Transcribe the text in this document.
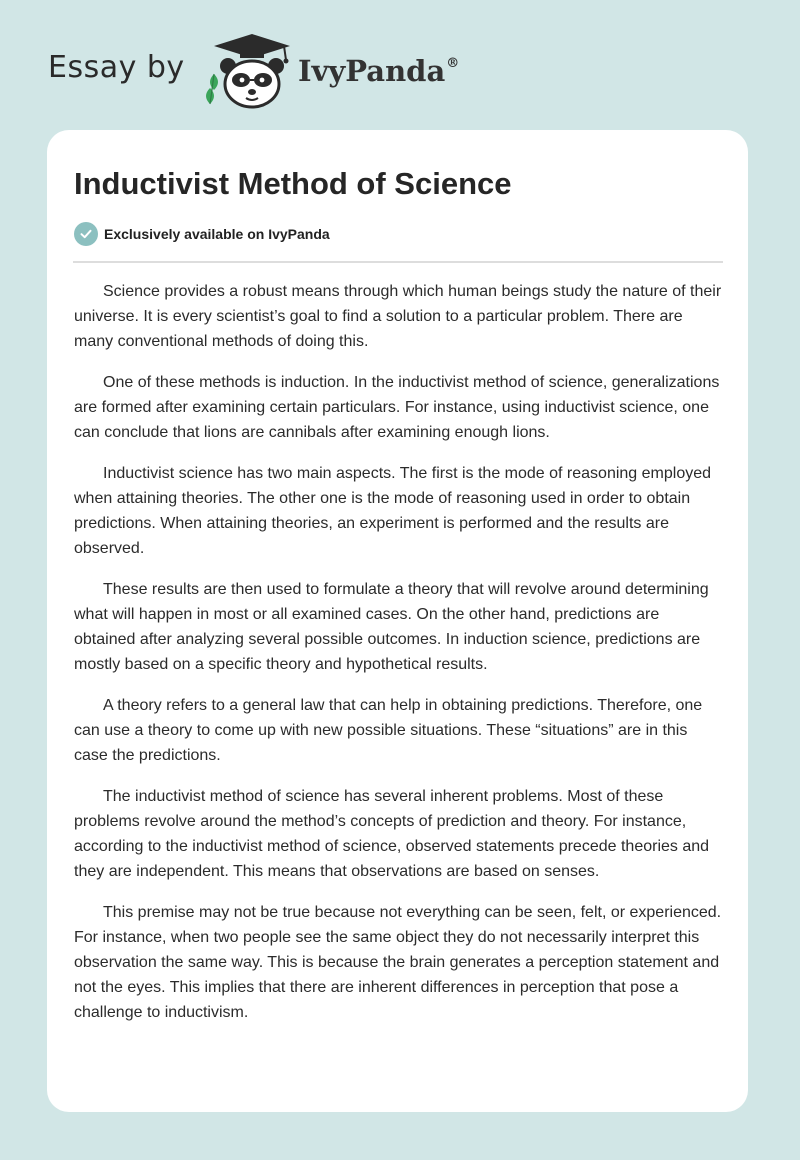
Essay by	IvyPanda®
Inductivist Method of Science
Exclusively available on IvyPanda

Science provides a robust means through which human beings study the nature of their universe. It is every scientist’s goal to find a solution to a particular problem. There are many conventional methods of doing this.

One of these methods is induction. In the inductivist method of science, generalizations are formed after examining certain particulars. For instance, using inductivist science, one can conclude that lions are cannibals after examining enough lions.

Inductivist science has two main aspects. The first is the mode of reasoning employed when attaining theories. The other one is the mode of reasoning used in order to obtain predictions. When attaining theories, an experiment is performed and the results are observed.

These results are then used to formulate a theory that will revolve around determining what will happen in most or all examined cases. On the other hand, predictions are obtained after analyzing several possible outcomes. In induction science, predictions are mostly based on a specific theory and hypothetical results.

A theory refers to a general law that can help in obtaining predictions. Therefore, one can use a theory to come up with new possible situations. These “situations” are in this case the predictions.

The inductivist method of science has several inherent problems. Most of these problems revolve around the method’s concepts of prediction and theory. For instance, according to the inductivist method of science, observed statements precede theories and they are independent. This means that observations are based on senses.

This premise may not be true because not everything can be seen, felt, or experienced. For instance, when two people see the same object they do not necessarily interpret this observation the same way. This is because the brain generates a perception statement and not the eyes. This implies that there are inherent differences in perception that pose a challenge to inductivism.
